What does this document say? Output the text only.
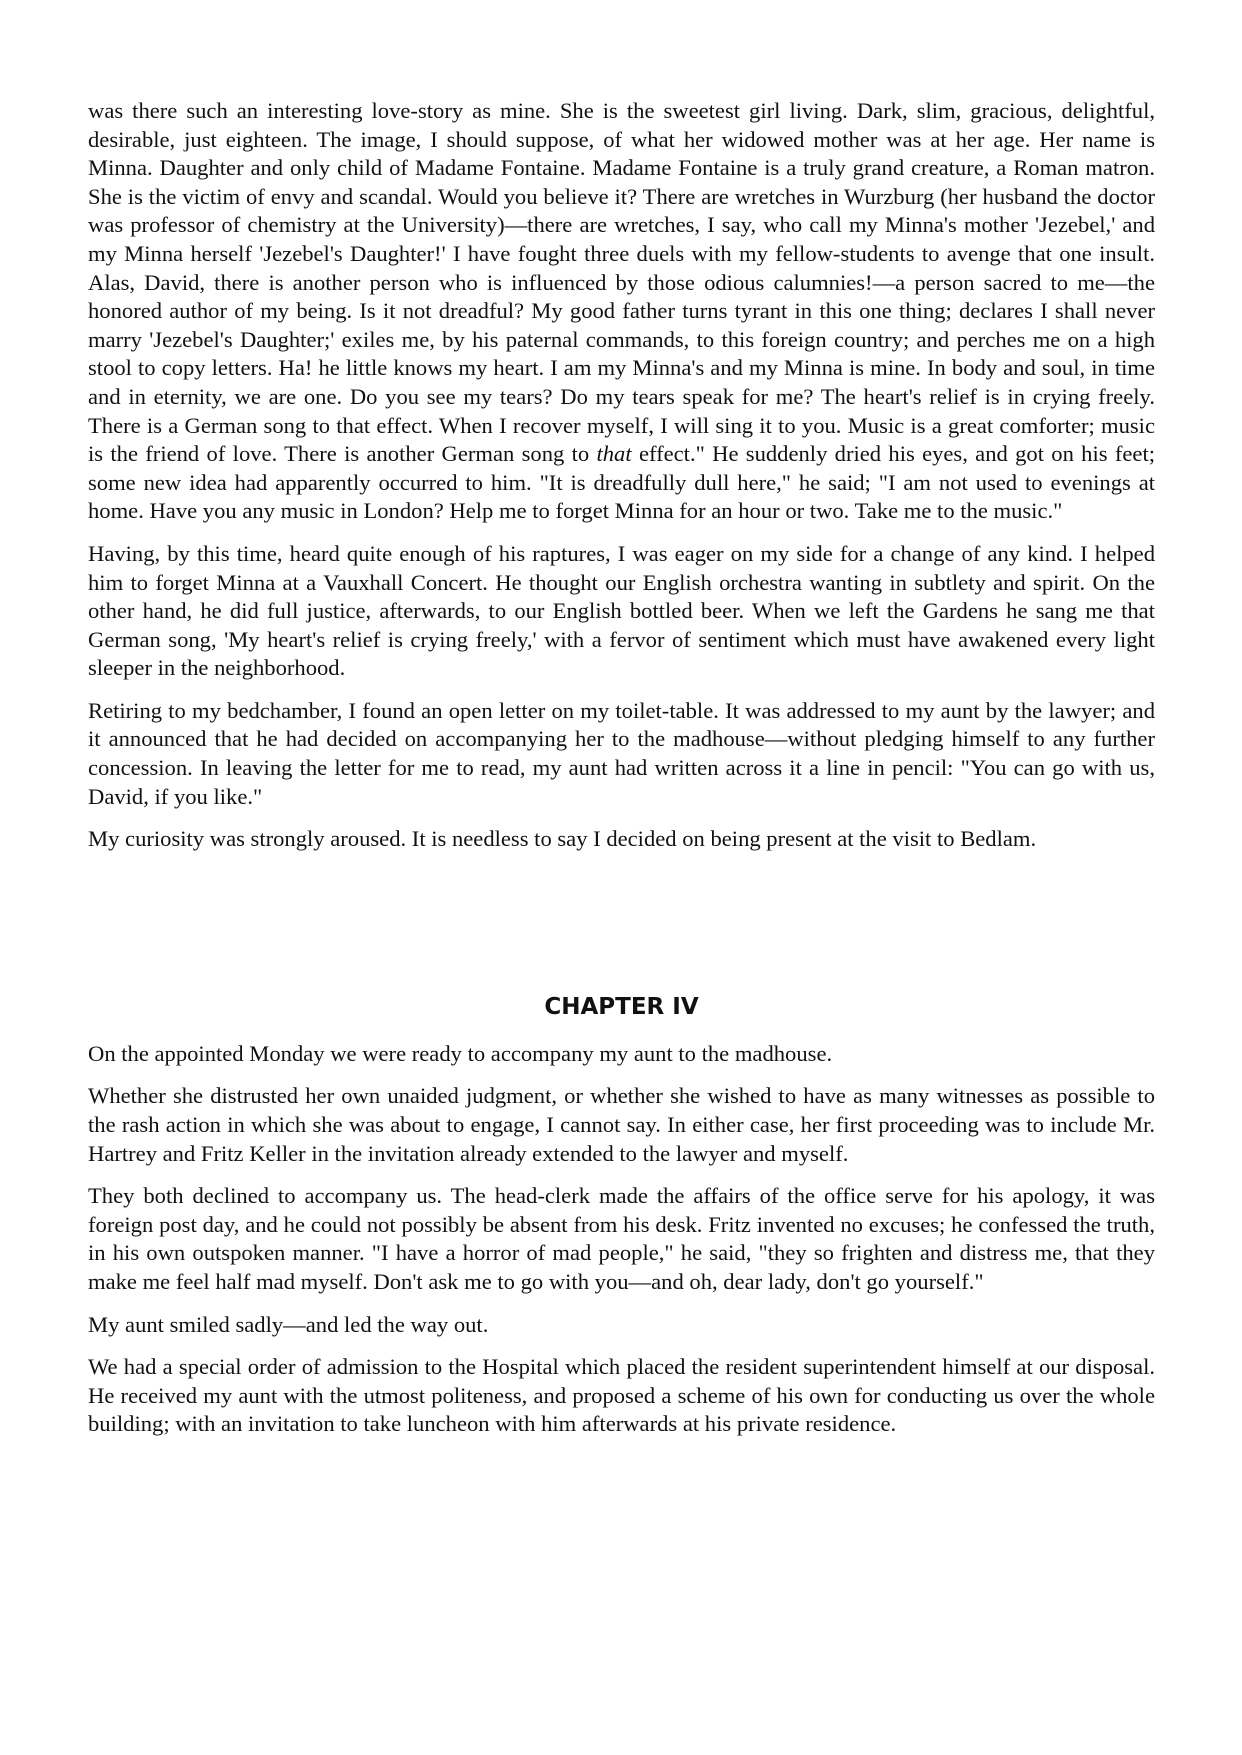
was there such an interesting love-story as mine. She is the sweetest girl living. Dark, slim, gracious, delightful, desirable, just eighteen. The image, I should suppose, of what her widowed mother was at her age. Her name is Minna. Daughter and only child of Madame Fontaine. Madame Fontaine is a truly grand creature, a Roman matron. She is the victim of envy and scandal. Would you believe it? There are wretches in Wurzburg (her husband the doctor was professor of chemistry at the University)—there are wretches, I say, who call my Minna's mother 'Jezebel,' and my Minna herself 'Jezebel's Daughter!' I have fought three duels with my fellow-students to avenge that one insult. Alas, David, there is another person who is influenced by those odious calumnies!—a person sacred to me—the honored author of my being. Is it not dreadful? My good father turns tyrant in this one thing; declares I shall never marry 'Jezebel's Daughter;' exiles me, by his paternal commands, to this foreign country; and perches me on a high stool to copy letters. Ha! he little knows my heart. I am my Minna's and my Minna is mine. In body and soul, in time and in eternity, we are one. Do you see my tears? Do my tears speak for me? The heart's relief is in crying freely. There is a German song to that effect. When I recover myself, I will sing it to you. Music is a great comforter; music is the friend of love. There is another German song to that effect." He suddenly dried his eyes, and got on his feet; some new idea had apparently occurred to him. "It is dreadfully dull here," he said; "I am not used to evenings at home. Have you any music in London? Help me to forget Minna for an hour or two. Take me to the music."

Having, by this time, heard quite enough of his raptures, I was eager on my side for a change of any kind. I helped him to forget Minna at a Vauxhall Concert. He thought our English orchestra wanting in subtlety and spirit. On the other hand, he did full justice, afterwards, to our English bottled beer. When we left the Gardens he sang me that German song, 'My heart's relief is crying freely,' with a fervor of sentiment which must have awakened every light sleeper in the neighborhood.

Retiring to my bedchamber, I found an open letter on my toilet-table. It was addressed to my aunt by the lawyer; and it announced that he had decided on accompanying her to the madhouse—without pledging himself to any further concession. In leaving the letter for me to read, my aunt had written across it a line in pencil: "You can go with us, David, if you like."

My curiosity was strongly aroused. It is needless to say I decided on being present at the visit to Bedlam.

CHAPTER IV

On the appointed Monday we were ready to accompany my aunt to the madhouse.

Whether she distrusted her own unaided judgment, or whether she wished to have as many witnesses as possible to the rash action in which she was about to engage, I cannot say. In either case, her first proceeding was to include Mr. Hartrey and Fritz Keller in the invitation already extended to the lawyer and myself.

They both declined to accompany us. The head-clerk made the affairs of the office serve for his apology, it was foreign post day, and he could not possibly be absent from his desk. Fritz invented no excuses; he confessed the truth, in his own outspoken manner. "I have a horror of mad people," he said, "they so frighten and distress me, that they make me feel half mad myself. Don't ask me to go with you—and oh, dear lady, don't go yourself."

My aunt smiled sadly—and led the way out.

We had a special order of admission to the Hospital which placed the resident superintendent himself at our disposal. He received my aunt with the utmost politeness, and proposed a scheme of his own for conducting us over the whole building; with an invitation to take luncheon with him afterwards at his private residence.
